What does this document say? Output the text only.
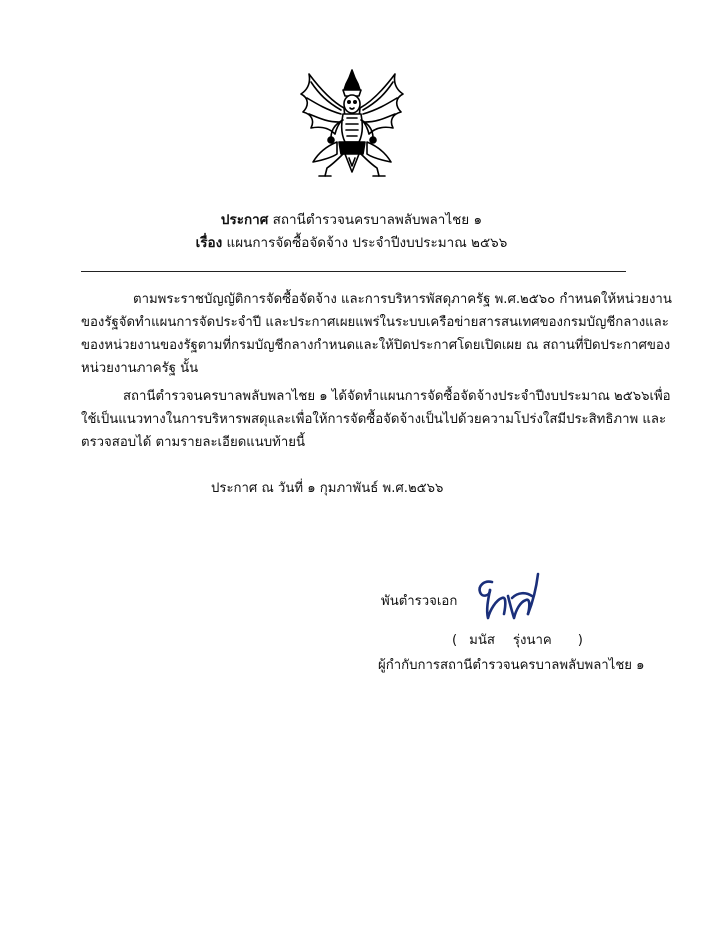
ประกาศ สถานีตำรวจนครบาลพลับพลาไชย ๑
เรื่อง แผนการจัดซื้อจัดจ้าง ประจำปีงบประมาณ ๒๕๖๖
ตามพระราชบัญญัติการจัดซื้อจัดจ้าง และการบริหารพัสดุภาครัฐ พ.ศ.๒๕๖๐ กำหนดให้หน่วยงาน
ของรัฐจัดทำแผนการจัดประจำปี และประกาศเผยแพร่ในระบบเครือข่ายสารสนเทศของกรมบัญชีกลางและ
ของหน่วยงานของรัฐตามที่กรมบัญชีกลางกำหนดและให้ปิดประกาศโดยเปิดเผย ณ สถานที่ปิดประกาศของ
หน่วยงานภาครัฐ นั้น
สถานีตำรวจนครบาลพลับพลาไชย ๑ ได้จัดทำแผนการจัดซื้อจัดจ้างประจำปีงบประมาณ ๒๕๖๖เพื่อ
ใช้เป็นแนวทางในการบริหารพสดุและเพื่อให้การจัดซื้อจัดจ้างเป็นไปด้วยความโปร่งใสมีประสิทธิภาพ และ
ตรวจสอบได้ ตามรายละเอียดแนบท้ายนี้
ประกาศ ณ วันที่ ๑ กุมภาพันธ์ พ.ศ.๒๕๖๖
พันตำรวจเอก
( มนัส รุ่งนาค )
ผู้กำกับการสถานีตำรวจนครบาลพลับพลาไชย ๑
